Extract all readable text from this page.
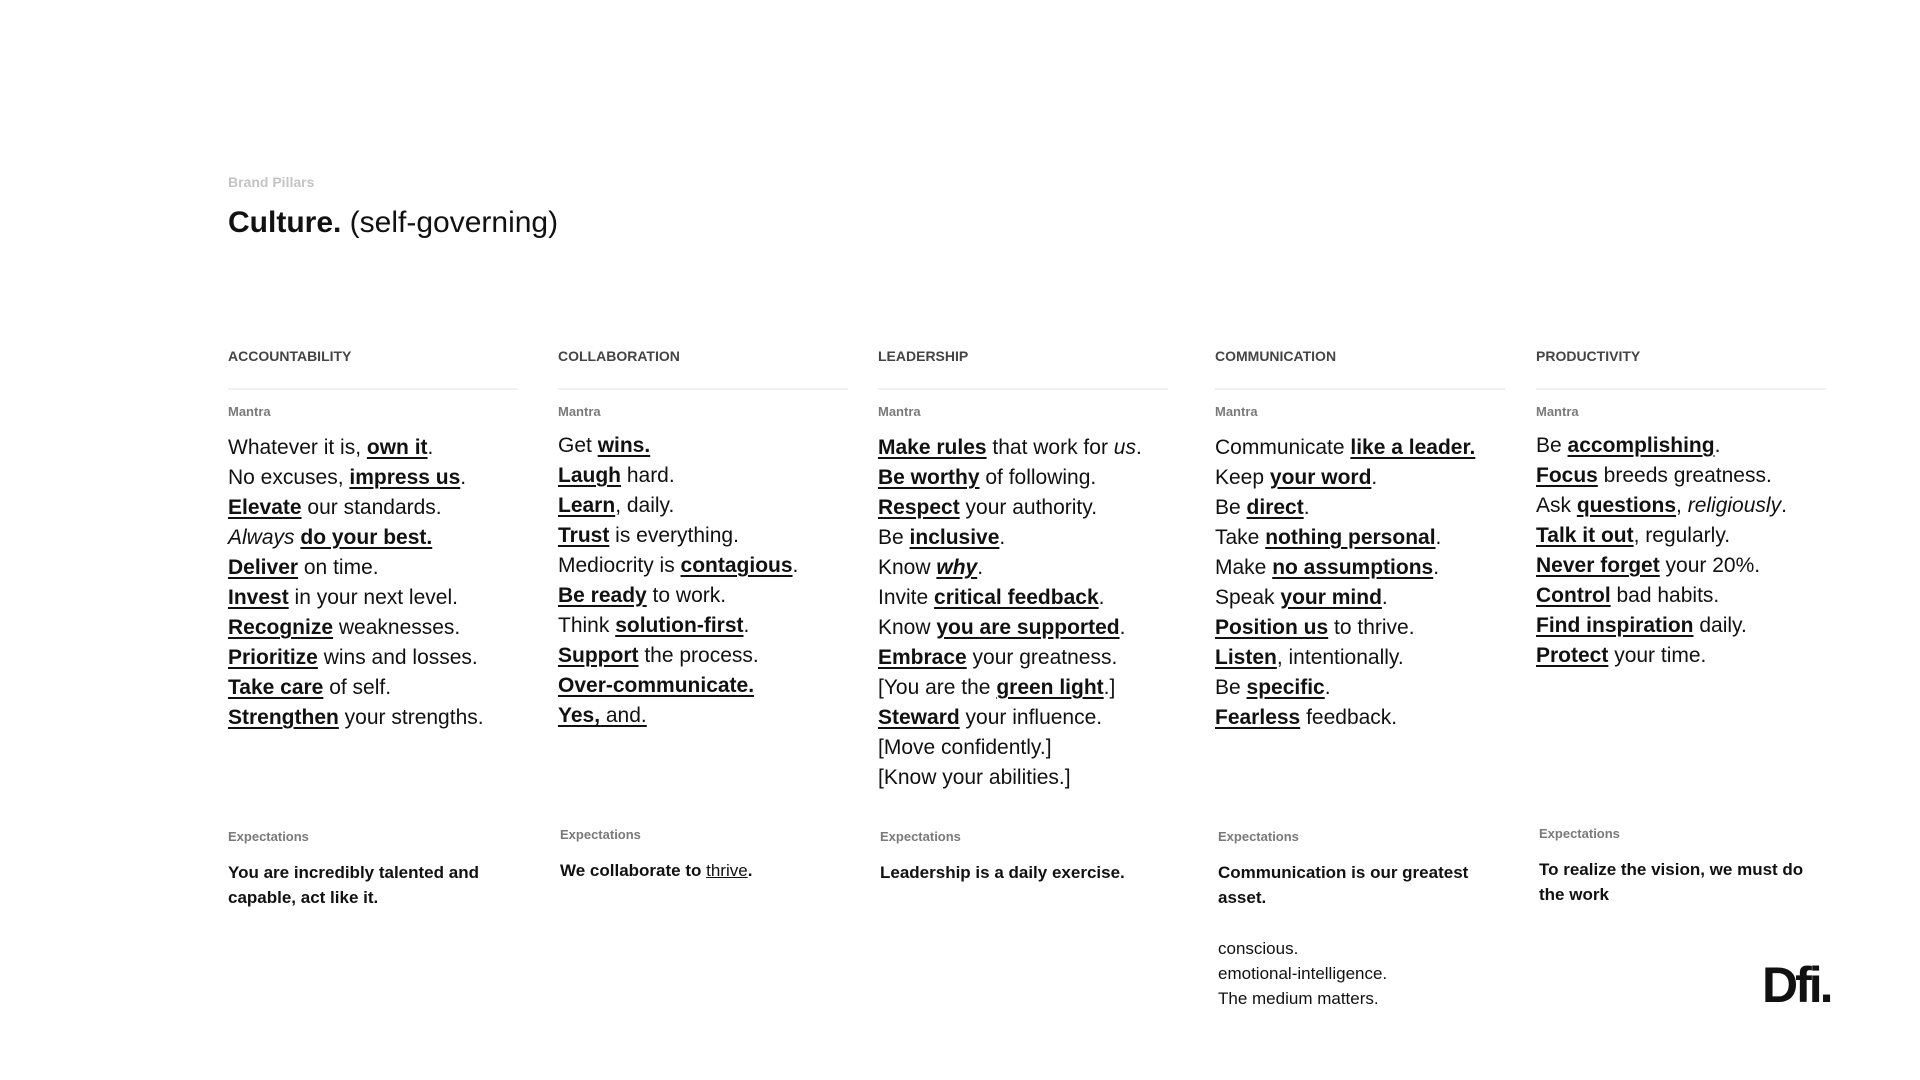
Brand Pillars
Culture. (self-governing)
ACCOUNTABILITY
Mantra
Whatever it is, own it.
No excuses, impress us.
Elevate our standards.
Always do your best.
Deliver on time.
Invest in your next level.
Recognize weaknesses.
Prioritize wins and losses.
Take care of self.
Strengthen your strengths.
COLLABORATION
Mantra
Get wins.
Laugh hard.
Learn, daily.
Trust is everything.
Mediocrity is contagious.
Be ready to work.
Think solution-first.
Support the process.
Over-communicate.
Yes, and.
LEADERSHIP
Mantra
Make rules that work for us.
Be worthy of following.
Respect your authority.
Be inclusive.
Know why.
Invite critical feedback.
Know you are supported.
Embrace your greatness.
[You are the green light.]
Steward your influence.
[Move confidently.]
[Know your abilities.]
COMMUNICATION
Mantra
Communicate like a leader.
Keep your word.
Be direct.
Take nothing personal.
Make no assumptions.
Speak your mind.
Position us to thrive.
Listen, intentionally.
Be specific.
Fearless feedback.
PRODUCTIVITY
Mantra
Be accomplishing.
Focus breeds greatness.
Ask questions, religiously.
Talk it out, regularly.
Never forget your 20%.
Control bad habits.
Find inspiration daily.
Protect your time.
Expectations
You are incredibly talented and capable, act like it.
Expectations
We collaborate to thrive.
Expectations
Leadership is a daily exercise.
Expectations
Communication is our greatest asset.
conscious.
emotional-intelligence.
The medium matters.
Expectations
To realize the vision, we must do the work
Dfi.
